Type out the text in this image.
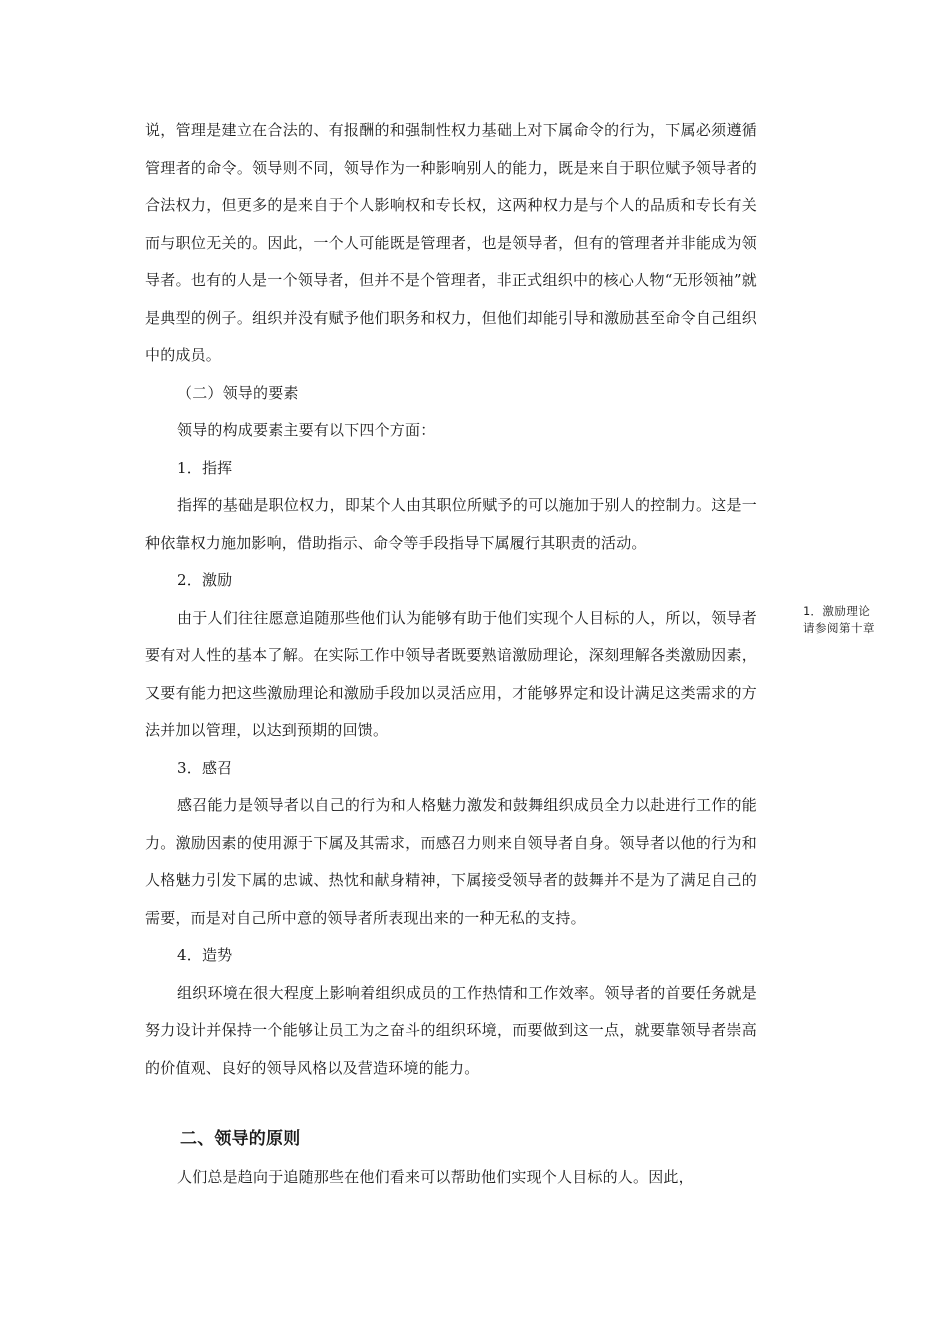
说，管理是建立在合法的、有报酬的和强制性权力基础上对下属命令的行为，下属必须遵循管理者的命令。领导则不同，领导作为一种影响别人的能力，既是来自于职位赋予领导者的合法权力，但更多的是来自于个人影响权和专长权，这两种权力是与个人的品质和专长有关而与职位无关的。因此，一个人可能既是管理者，也是领导者，但有的管理者并非能成为领导者。也有的人是一个领导者，但并不是个管理者，非正式组织中的核心人物“无形领袖”就是典型的例子。组织并没有赋予他们职务和权力，但他们却能引导和激励甚至命令自己组织中的成员。

（二）领导的要素

领导的构成要素主要有以下四个方面：

1．指挥

指挥的基础是职位权力，即某个人由其职位所赋予的可以施加于别人的控制力。这是一种依靠权力施加影响，借助指示、命令等手段指导下属履行其职责的活动。

2．激励

由于人们往往愿意追随那些他们认为能够有助于他们实现个人目标的人，所以，领导者要有对人性的基本了解。在实际工作中领导者既要熟谙激励理论，深刻理解各类激励因素，又要有能力把这些激励理论和激励手段加以灵活应用，才能够界定和设计满足这类需求的方法并加以管理，以达到预期的回馈。

3．感召

感召能力是领导者以自己的行为和人格魅力激发和鼓舞组织成员全力以赴进行工作的能力。激励因素的使用源于下属及其需求，而感召力则来自领导者自身。领导者以他的行为和人格魅力引发下属的忠诚、热忱和献身精神，下属接受领导者的鼓舞并不是为了满足自己的需要，而是对自己所中意的领导者所表现出来的一种无私的支持。

4．造势

组织环境在很大程度上影响着组织成员的工作热情和工作效率。领导者的首要任务就是努力设计并保持一个能够让员工为之奋斗的组织环境，而要做到这一点，就要靠领导者崇高的价值观、良好的领导风格以及营造环境的能力。

二、领导的原则

人们总是趋向于追随那些在他们看来可以帮助他们实现个人目标的人。因此，

1．激励理论
请参阅第十章
